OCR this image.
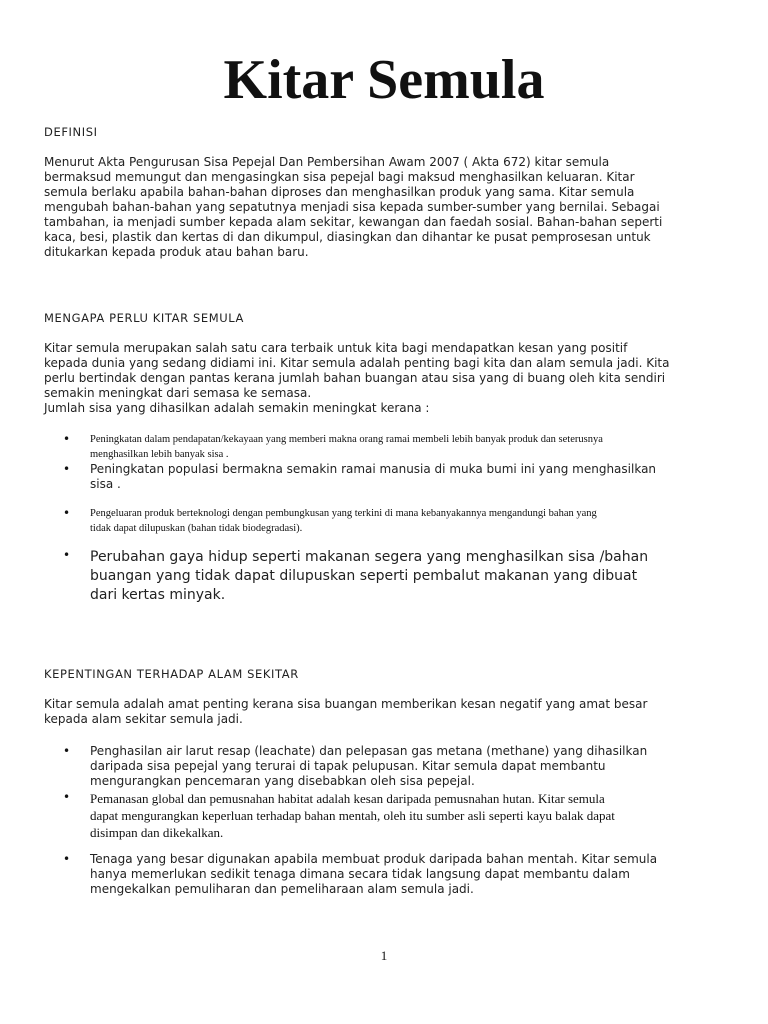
Kitar Semula
DEFINISI

Menurut Akta Pengurusan Sisa Pepejal Dan Pembersihan Awam 2007 ( Akta 672) kitar semula
bermaksud memungut dan mengasingkan sisa pepejal bagi maksud menghasilkan keluaran. Kitar
semula berlaku apabila bahan-bahan diproses dan menghasilkan produk yang sama. Kitar semula
mengubah bahan-bahan yang sepatutnya menjadi sisa kepada sumber-sumber yang bernilai. Sebagai
tambahan, ia menjadi sumber kepada alam sekitar, kewangan dan faedah sosial. Bahan-bahan seperti
kaca, besi, plastik dan kertas di dan dikumpul, diasingkan dan dihantar ke pusat pemprosesan untuk
ditukarkan kepada produk atau bahan baru.

MENGAPA PERLU KITAR SEMULA

Kitar semula merupakan salah satu cara terbaik untuk kita bagi mendapatkan kesan yang positif
kepada dunia yang sedang didiami ini. Kitar semula adalah penting bagi kita dan alam semula jadi. Kita
perlu bertindak dengan pantas kerana jumlah bahan buangan atau sisa yang di buang oleh kita sendiri
semakin meningkat dari semasa ke semasa.
Jumlah sisa yang dihasilkan adalah semakin meningkat kerana :

• Peningkatan dalam pendapatan/kekayaan yang memberi makna orang ramai membeli lebih banyak produk dan seterusnya
menghasilkan lebih banyak sisa .
• Peningkatan populasi bermakna semakin ramai manusia di muka bumi ini yang menghasilkan
sisa .
• Pengeluaran produk berteknologi dengan pembungkusan yang terkini di mana kebanyakannya mengandungi bahan yang
tidak dapat dilupuskan (bahan tidak biodegradasi).
• Perubahan gaya hidup seperti makanan segera yang menghasilkan sisa /bahan
buangan yang tidak dapat dilupuskan seperti pembalut makanan yang dibuat
dari kertas minyak.
KEPENTINGAN TERHADAP ALAM SEKITAR

Kitar semula adalah amat penting kerana sisa buangan memberikan kesan negatif yang amat besar
kepada alam sekitar semula jadi.

• Penghasilan air larut resap (leachate) dan pelepasan gas metana (methane) yang dihasilkan
daripada sisa pepejal yang terurai di tapak pelupusan. Kitar semula dapat membantu
mengurangkan pencemaran yang disebabkan oleh sisa pepejal.
• Pemanasan global dan pemusnahan habitat adalah kesan daripada pemusnahan hutan. Kitar semula
dapat mengurangkan keperluan terhadap bahan mentah, oleh itu sumber asli seperti kayu balak dapat
disimpan dan dikekalkan.
• Tenaga yang besar digunakan apabila membuat produk daripada bahan mentah. Kitar semula
hanya memerlukan sedikit tenaga dimana secara tidak langsung dapat membantu dalam
mengekalkan pemuliharan dan pemeliharaan alam semula jadi.
1
